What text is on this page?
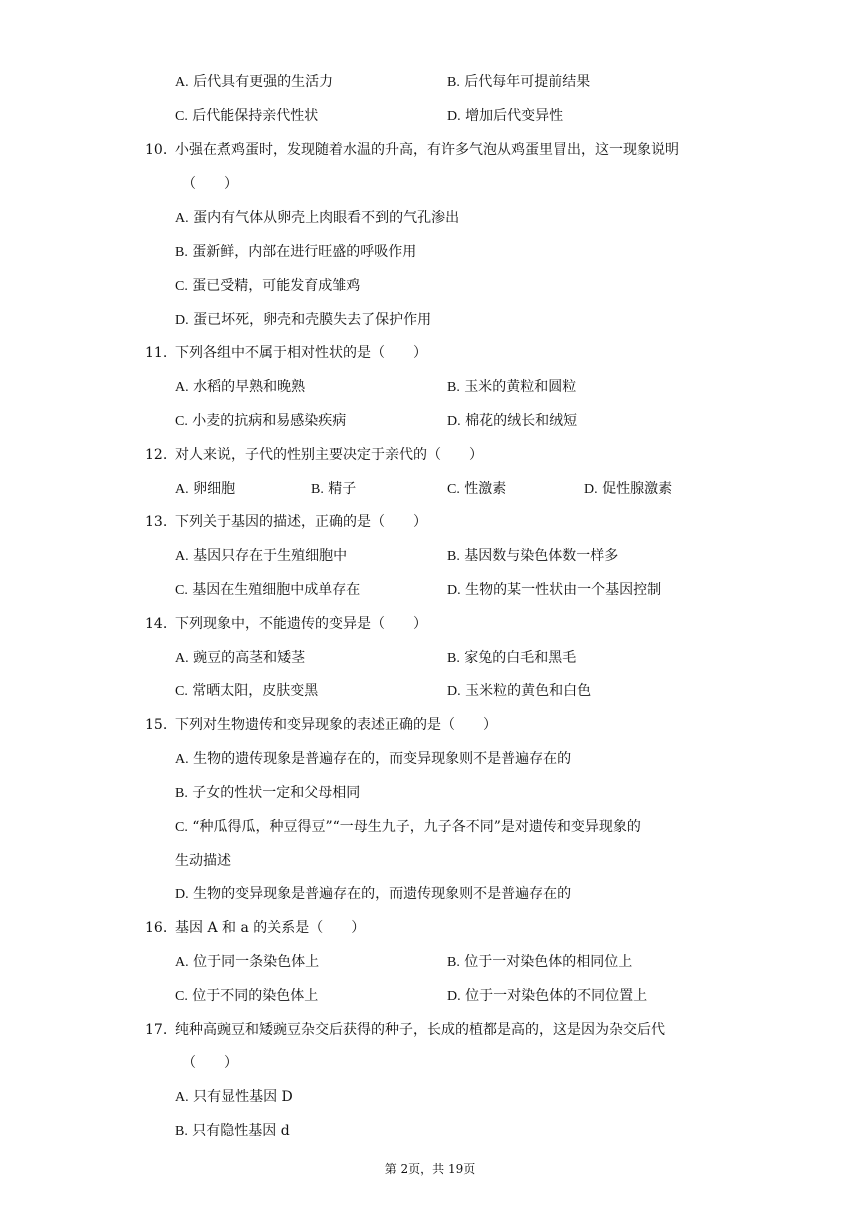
A. 后代具有更强的生活力	B. 后代每年可提前结果
C. 后代能保持亲代性状	D. 增加后代变异性
10. 小强在煮鸡蛋时，发现随着水温的升高，有许多气泡从鸡蛋里冒出，这一现象说明
（　　）
A. 蛋内有气体从卵壳上肉眼看不到的气孔渗出
B. 蛋新鲜，内部在进行旺盛的呼吸作用
C. 蛋已受精，可能发育成雏鸡
D. 蛋已坏死，卵壳和壳膜失去了保护作用
11. 下列各组中不属于相对性状的是（　　）
A. 水稻的早熟和晚熟	B. 玉米的黄粒和圆粒
C. 小麦的抗病和易感染疾病	D. 棉花的绒长和绒短
12. 对人来说，子代的性别主要决定于亲代的（　　）
A. 卵细胞	B. 精子	C. 性激素	D. 促性腺激素
13. 下列关于基因的描述，正确的是（　　）
A. 基因只存在于生殖细胞中	B. 基因数与染色体数一样多
C. 基因在生殖细胞中成单存在	D. 生物的某一性状由一个基因控制
14. 下列现象中，不能遗传的变异是（　　）
A. 豌豆的高茎和矮茎	B. 家兔的白毛和黑毛
C. 常晒太阳，皮肤变黑	D. 玉米粒的黄色和白色
15. 下列对生物遗传和变异现象的表述正确的是（　　）
A. 生物的遗传现象是普遍存在的，而变异现象则不是普遍存在的
B. 子女的性状一定和父母相同
C. “种瓜得瓜，种豆得豆”“一母生九子，九子各不同”是对遗传和变异现象的
生动描述
D. 生物的变异现象是普遍存在的，而遗传现象则不是普遍存在的
16. 基因 A 和 a 的关系是（　　）
A. 位于同一条染色体上	B. 位于一对染色体的相同位上
C. 位于不同的染色体上	D. 位于一对染色体的不同位置上
17. 纯种高豌豆和矮豌豆杂交后获得的种子，长成的植都是高的，这是因为杂交后代
（　　）
A. 只有显性基因 D
B. 只有隐性基因 d
第 2页，共 19页
